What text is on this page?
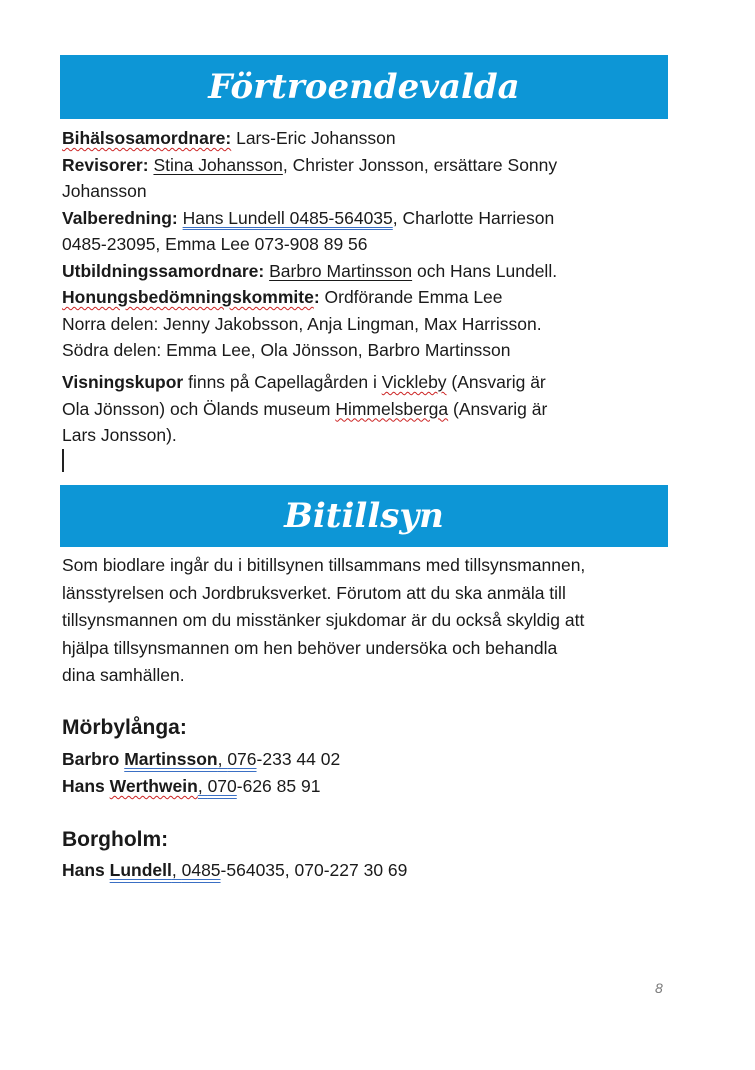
Förtroendevalda
Bihälsosamordnare: Lars-Eric Johansson
Revisorer: Stina Johansson, Christer Jonsson, ersättare Sonny
Johansson
Valberedning: Hans Lundell 0485-564035, Charlotte Harrieson
0485-23095, Emma Lee 073-908 89 56
Utbildningssamordnare: Barbro Martinsson och Hans Lundell.
Honungsbedömningskommite: Ordförande Emma Lee
Norra delen: Jenny Jakobsson, Anja Lingman, Max Harrisson.
Södra delen: Emma Lee, Ola Jönsson, Barbro Martinsson
Visningskupor finns på Capellagården i Vickleby (Ansvarig är
Ola Jönsson) och Ölands museum Himmelsberga (Ansvarig är
Lars Jonsson).
Bitillsyn
Som biodlare ingår du i bitillsynen tillsammans med tillsynsmannen,
länsstyrelsen och Jordbruksverket. Förutom att du ska anmäla till
tillsynsmannen om du misstänker sjukdomar är du också skyldig att
hjälpa tillsynsmannen om hen behöver undersöka och behandla
dina samhällen.
Mörbylånga:
Barbro Martinsson, 076-233 44 02
Hans Werthwein, 070-626 85 91
Borgholm:
Hans Lundell, 0485-564035, 070-227 30 69
8
